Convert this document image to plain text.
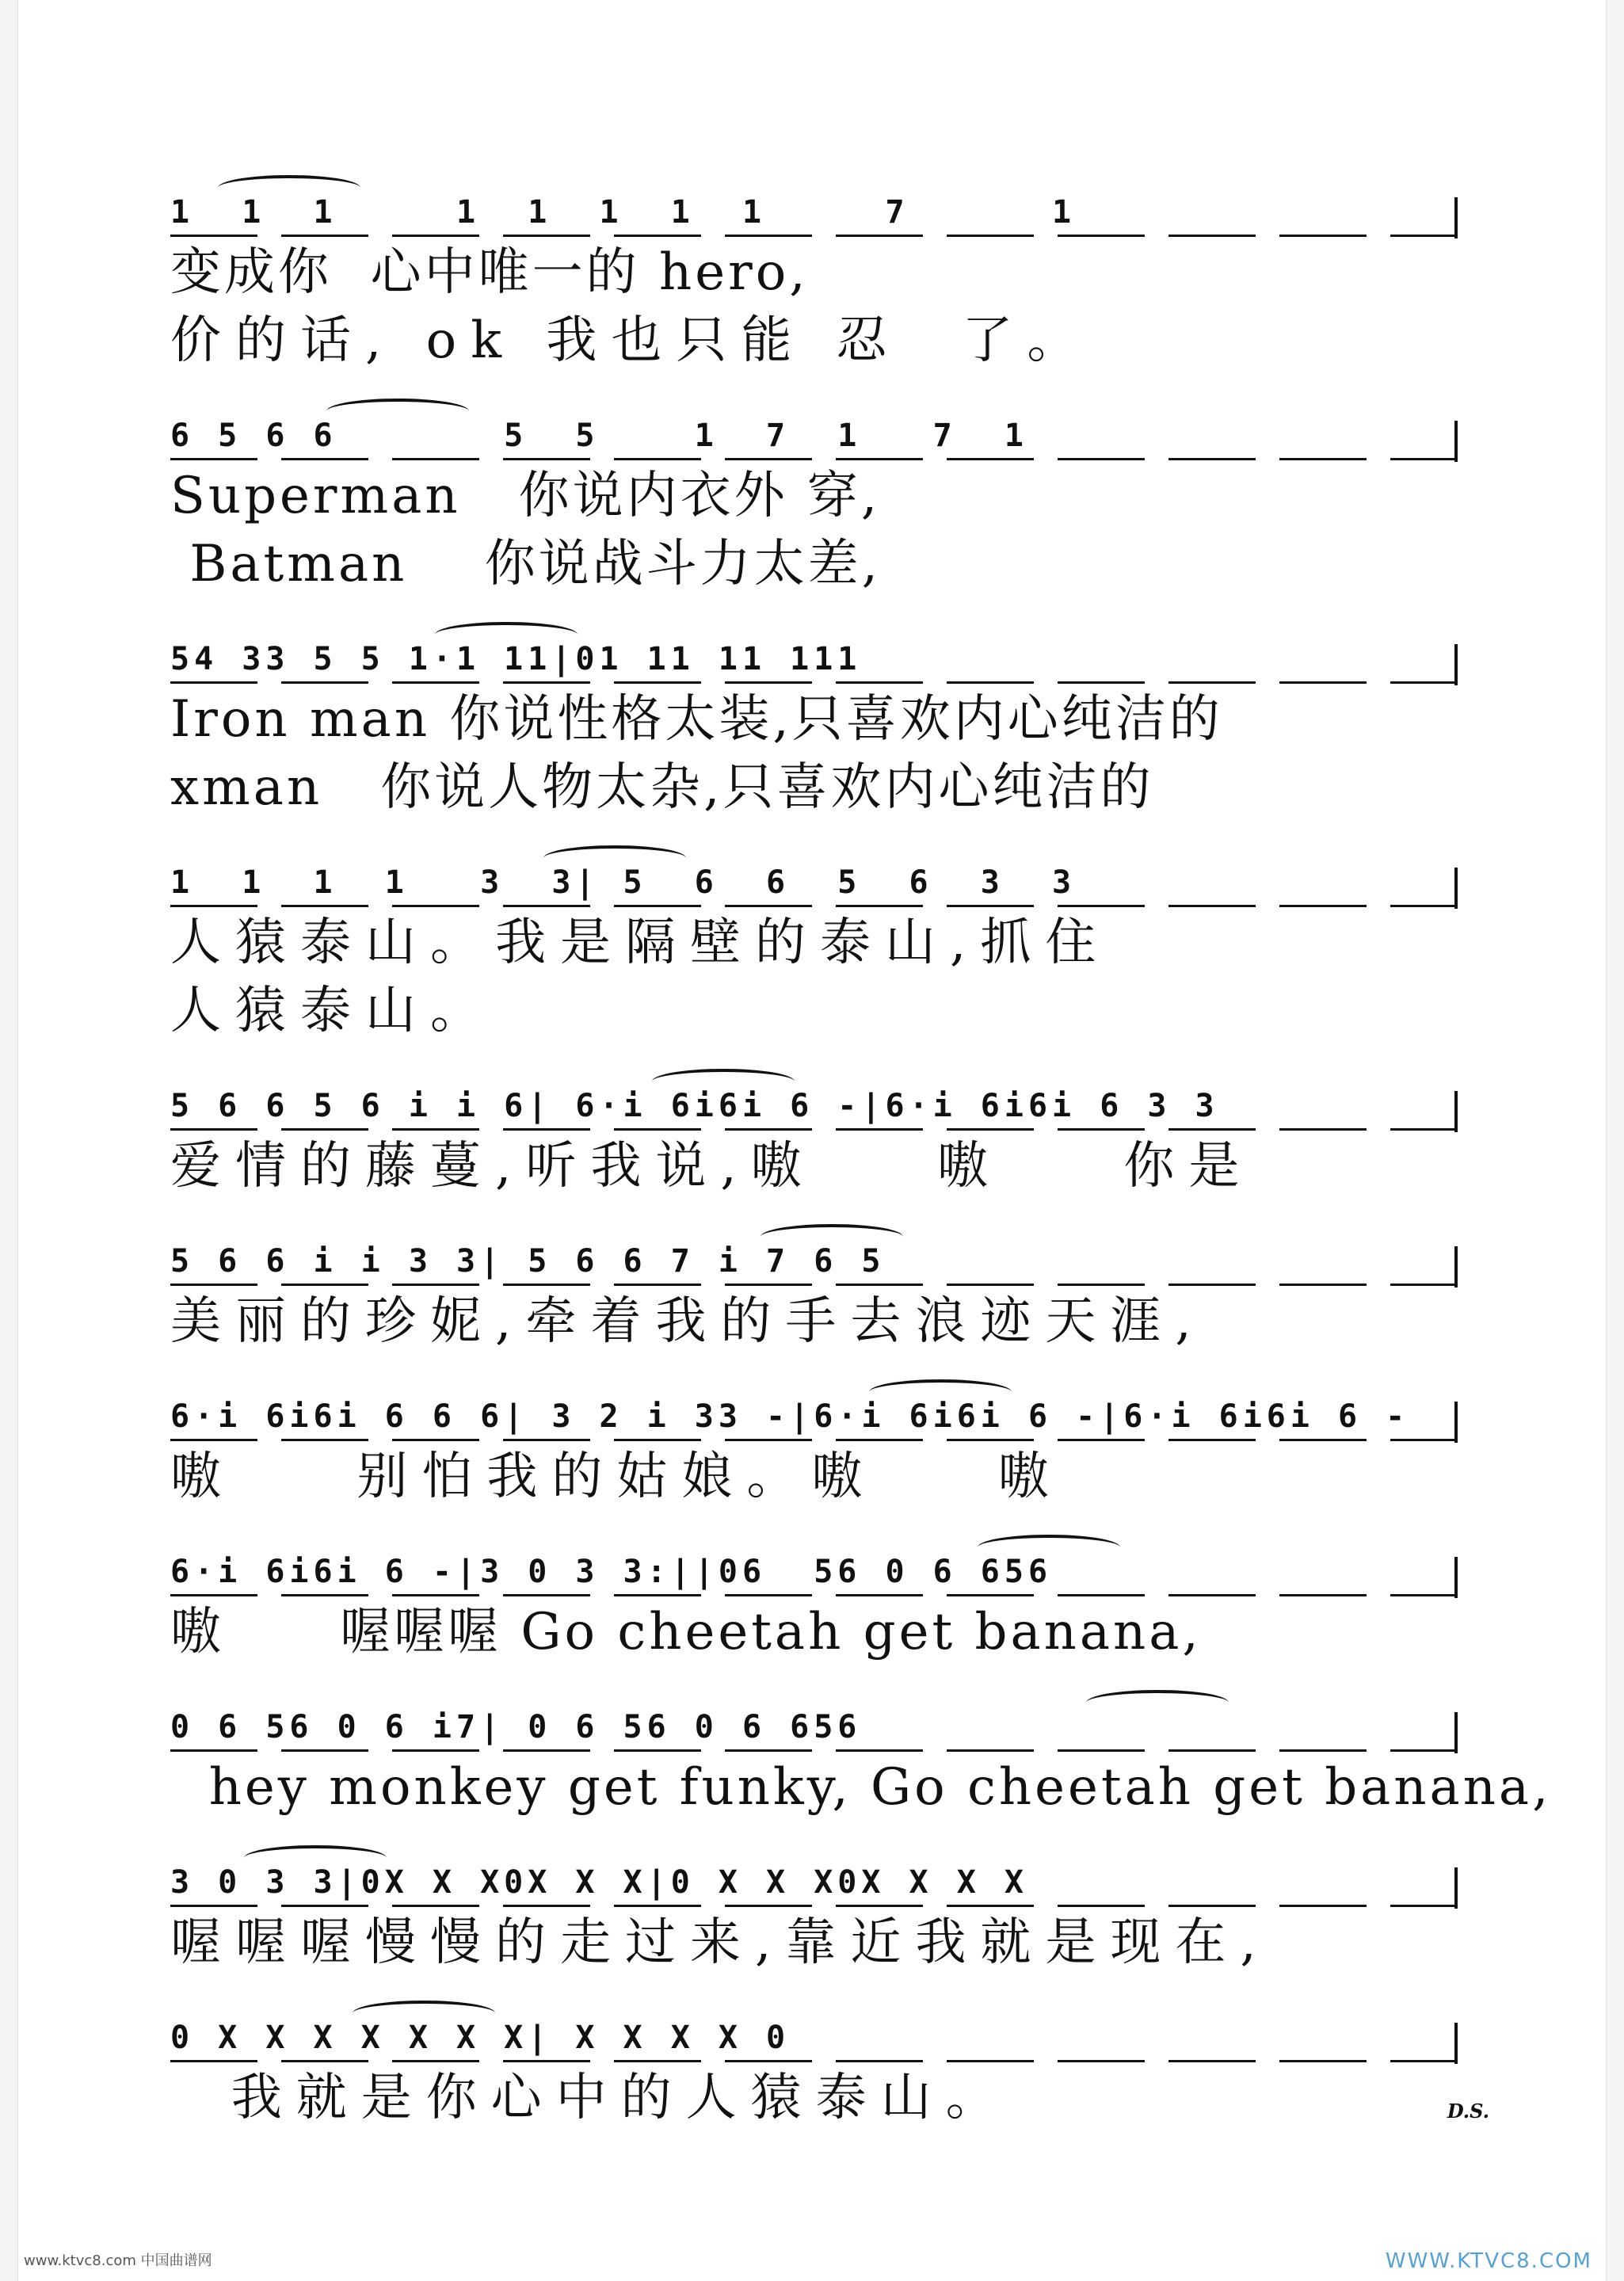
1  1  1     1  1  1  1  1     7      1
变成你  心中唯一的 hero,
价的话, ok 我也只能 忍  了。
6 5 6 6       5  5    1  7  1   7  1
Superman   你说内衣外 穿,
Batman    你说战斗力太差,
54 33 5 5 1·1 11|01 11 11 111
Iron man 你说性格太装,只喜欢内心纯洁的
xman   你说人物太杂,只喜欢内心纯洁的
1  1  1  1   3  3| 5  6  6  5  6  3  3
人猿泰山。我是隔壁的泰山,抓住
人猿泰山。
5 6 6 5 6 i i 6| 6·i 6i6i 6 -|6·i 6i6i 6 3 3
爱情的藤蔓,听我说,嗷    嗷    你是
5 6 6 i i 3 3| 5 6 6 7 i 7 6 5
美丽的珍妮,牵着我的手去浪迹天涯,
6·i 6i6i 6 6 6| 3 2 i 33 -|6·i 6i6i 6 -|6·i 6i6i 6 -
嗷    别怕我的姑娘。嗷    嗷
6·i 6i6i 6 -|3 0 3 3:||06  56 0 6 656
嗷      喔喔喔 Go cheetah get banana,
0 6 56 0 6 i7| 0 6 56 0 6 656
hey monkey get funky, Go cheetah get banana,
3 0 3 3|0X X X0X X X|0 X X X0X X X X
喔喔喔慢慢的走过来,靠近我就是现在,
0 X X X X X X X| X X X X 0
我就是你心中的人猿泰山。	D.S.
www.ktvc8.com 中国曲谱网	WWW.KTVC8.COM
